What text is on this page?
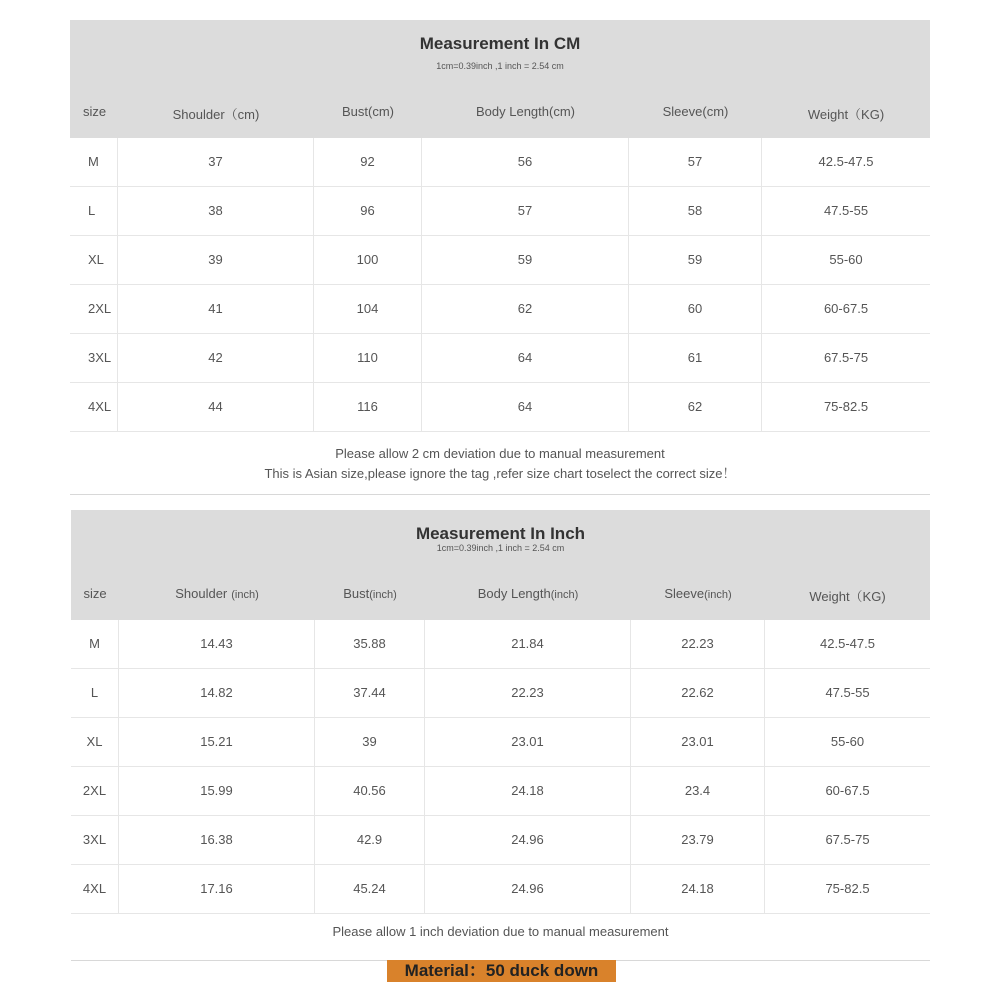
Measurement In CM
1cm=0.39inch ,1 inch = 2.54 cm
size	Shoulder（cm)	Bust(cm)	Body Length(cm)	Sleeve(cm)	Weight（KG)
M	37	92	56	57	42.5-47.5
L	38	96	57	58	47.5-55
XL	39	100	59	59	55-60
2XL	41	104	62	60	60-67.5
3XL	42	110	64	61	67.5-75
4XL	44	116	64	62	75-82.5
Please allow 2 cm deviation due to manual measurement
This is Asian size,please ignore the tag ,refer size chart toselect the correct size！
Measurement In Inch
1cm=0.39inch ,1 inch = 2.54 cm
size	Shoulder (inch)	Bust(inch)	Body Length(inch)	Sleeve(inch)	Weight（KG)
M	14.43	35.88	21.84	22.23	42.5-47.5
L	14.82	37.44	22.23	22.62	47.5-55
XL	15.21	39	23.01	23.01	55-60
2XL	15.99	40.56	24.18	23.4	60-67.5
3XL	16.38	42.9	24.96	23.79	67.5-75
4XL	17.16	45.24	24.96	24.18	75-82.5
Please allow 1 inch deviation due to manual measurement
Material：50 duck down
